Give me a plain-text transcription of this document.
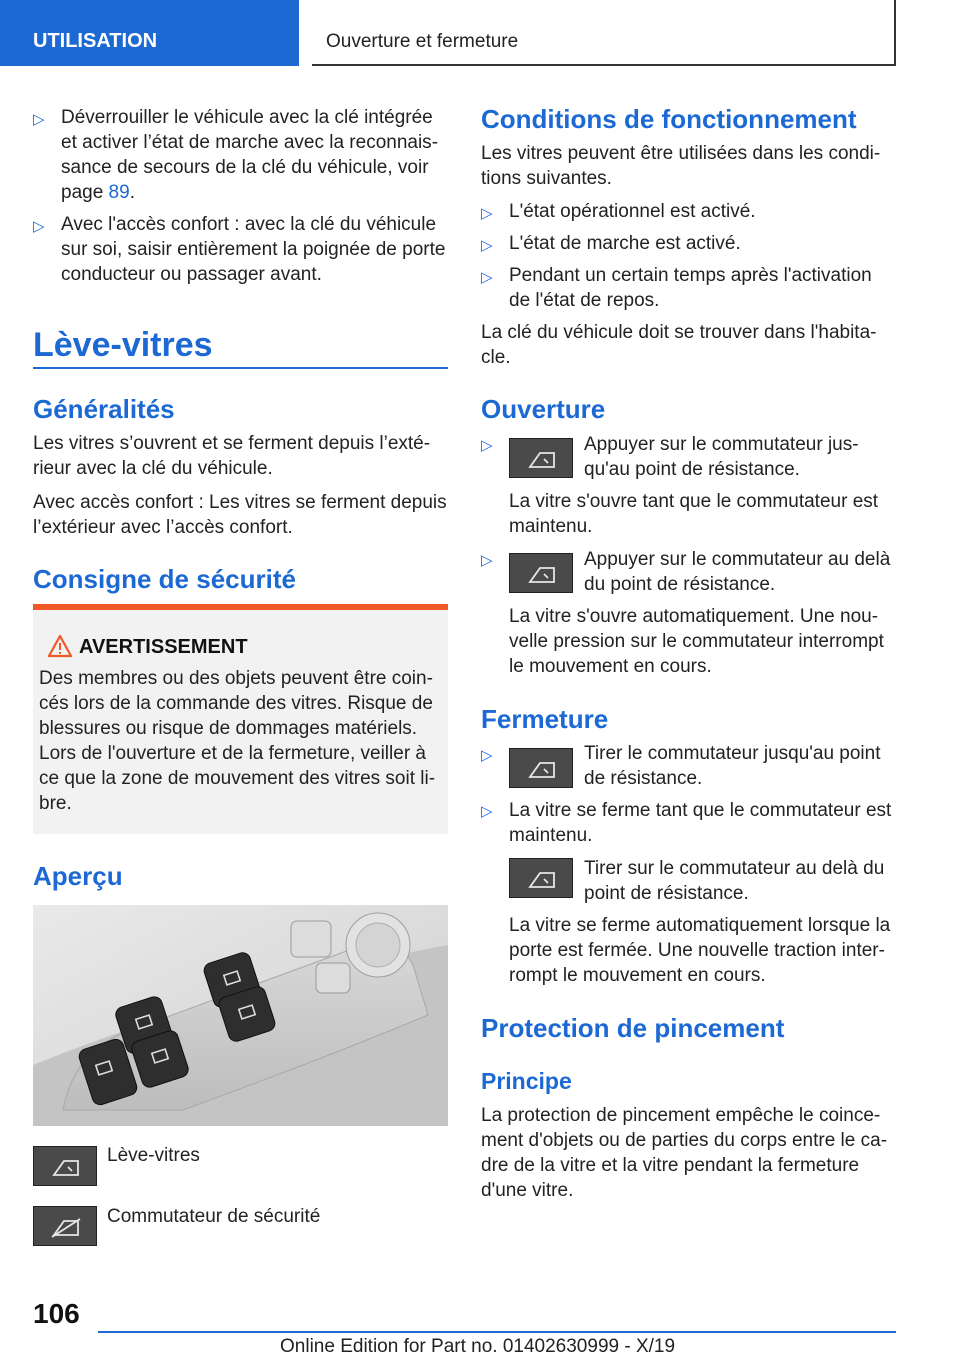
UTILISATION	Ouverture et fermeture
▷ Déverrouiller le véhicule avec la clé intégrée et activer l’état de marche avec la reconnaissance de secours de la clé du véhicule, voir page 89.
▷ Avec l'accès confort : avec la clé du véhicule sur soi, saisir entièrement la poignée de porte conducteur ou passager avant.
Lève-vitres
Généralités
Les vitres s’ouvrent et se ferment depuis l’extérieur avec la clé du véhicule.
Avec accès confort : Les vitres se ferment depuis l’extérieur avec l’accès confort.
Consigne de sécurité
AVERTISSEMENT
Des membres ou des objets peuvent être coincés lors de la commande des vitres. Risque de blessures ou risque de dommages matériels. Lors de l'ouverture et de la fermeture, veiller à ce que la zone de mouvement des vitres soit libre.
Aperçu
Lève-vitres
Commutateur de sécurité
Conditions de fonctionnement
Les vitres peuvent être utilisées dans les conditions suivantes.
▷ L'état opérationnel est activé.
▷ L'état de marche est activé.
▷ Pendant un certain temps après l'activation de l'état de repos.
La clé du véhicule doit se trouver dans l'habitacle.
Ouverture
▷
▷	Appuyer sur le commutateur jusqu'au point de résistance.
La vitre s'ouvre tant que le commutateur est maintenu.
▷	Appuyer sur le commutateur au delà du point de résistance.
La vitre s'ouvre automatiquement. Une nouvelle pression sur le commutateur interrompt le mouvement en cours.
Fermeture
▷	Tirer le commutateur jusqu'au point de résistance.
La vitre se ferme tant que le commutateur est maintenu.
Tirer sur le commutateur au delà du point de résistance.
La vitre se ferme automatiquement lorsque la porte est fermée. Une nouvelle traction interrompt le mouvement en cours.
Protection de pincement
Principe
La protection de pincement empêche le coincement d'objets ou de parties du corps entre le cadre de la vitre et la vitre pendant la fermeture d'une vitre.
106
Online Edition for Part no. 01402630999 - X/19
